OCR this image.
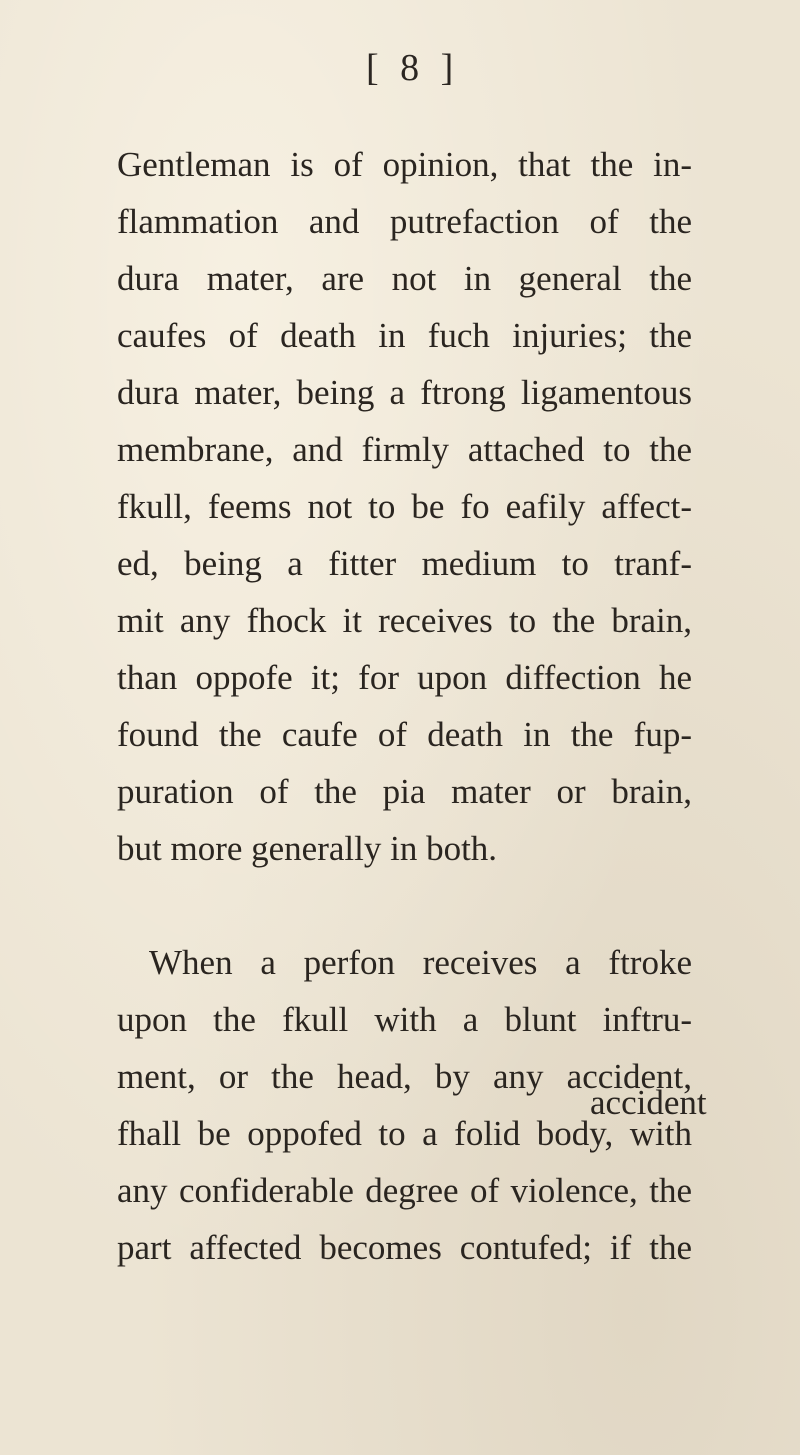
[ 8 ]
Gentleman is of opinion, that the in-
flammation and putrefaction of the
dura mater, are not in general the
caufes of death in fuch injuries; the
dura mater, being a ftrong ligamentous
membrane, and firmly attached to the
fkull, feems not to be fo eafily affect-
ed, being a fitter medium to tranf-
mit any fhock it receives to the brain,
than oppofe it; for upon diffection he
found the caufe of death in the fup-
puration of the pia mater or brain,
but more generally in both.
When a perfon receives a ftroke
upon the fkull with a blunt inftru-
ment, or the head, by any accident,
fhall be oppofed to a folid body, with
any confiderable degree of violence, the
part affected becomes contufed; if the
accident
